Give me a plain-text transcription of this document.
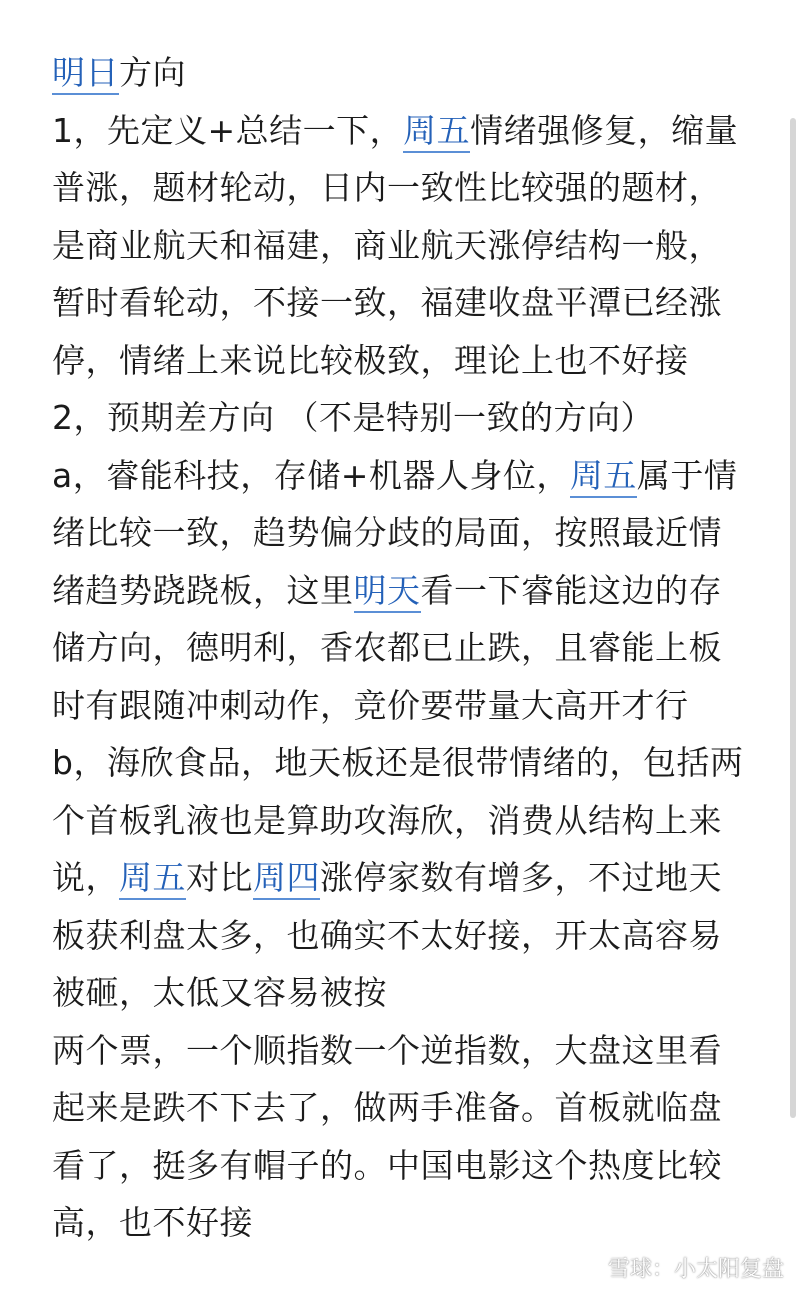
明日方向

1，先定义+总结一下，周五情绪强修复，缩量普涨，题材轮动，日内一致性比较强的题材，是商业航天和福建，商业航天涨停结构一般，暂时看轮动，不接一致，福建收盘平潭已经涨停，情绪上来说比较极致，理论上也不好接

2，预期差方向 （不是特别一致的方向）

a，睿能科技，存储+机器人身位，周五属于情绪比较一致，趋势偏分歧的局面，按照最近情绪趋势跷跷板，这里明天看一下睿能这边的存储方向，德明利，香农都已止跌，且睿能上板时有跟随冲刺动作，竞价要带量大高开才行

b，海欣食品，地天板还是很带情绪的，包括两个首板乳液也是算助攻海欣，消费从结构上来说，周五对比周四涨停家数有增多，不过地天板获利盘太多，也确实不太好接，开太高容易被砸，太低又容易被按

两个票，一个顺指数一个逆指数，大盘这里看起来是跌不下去了，做两手准备。首板就临盘看了，挺多有帽子的。中国电影这个热度比较高，也不好接

雪球：小太阳复盘
